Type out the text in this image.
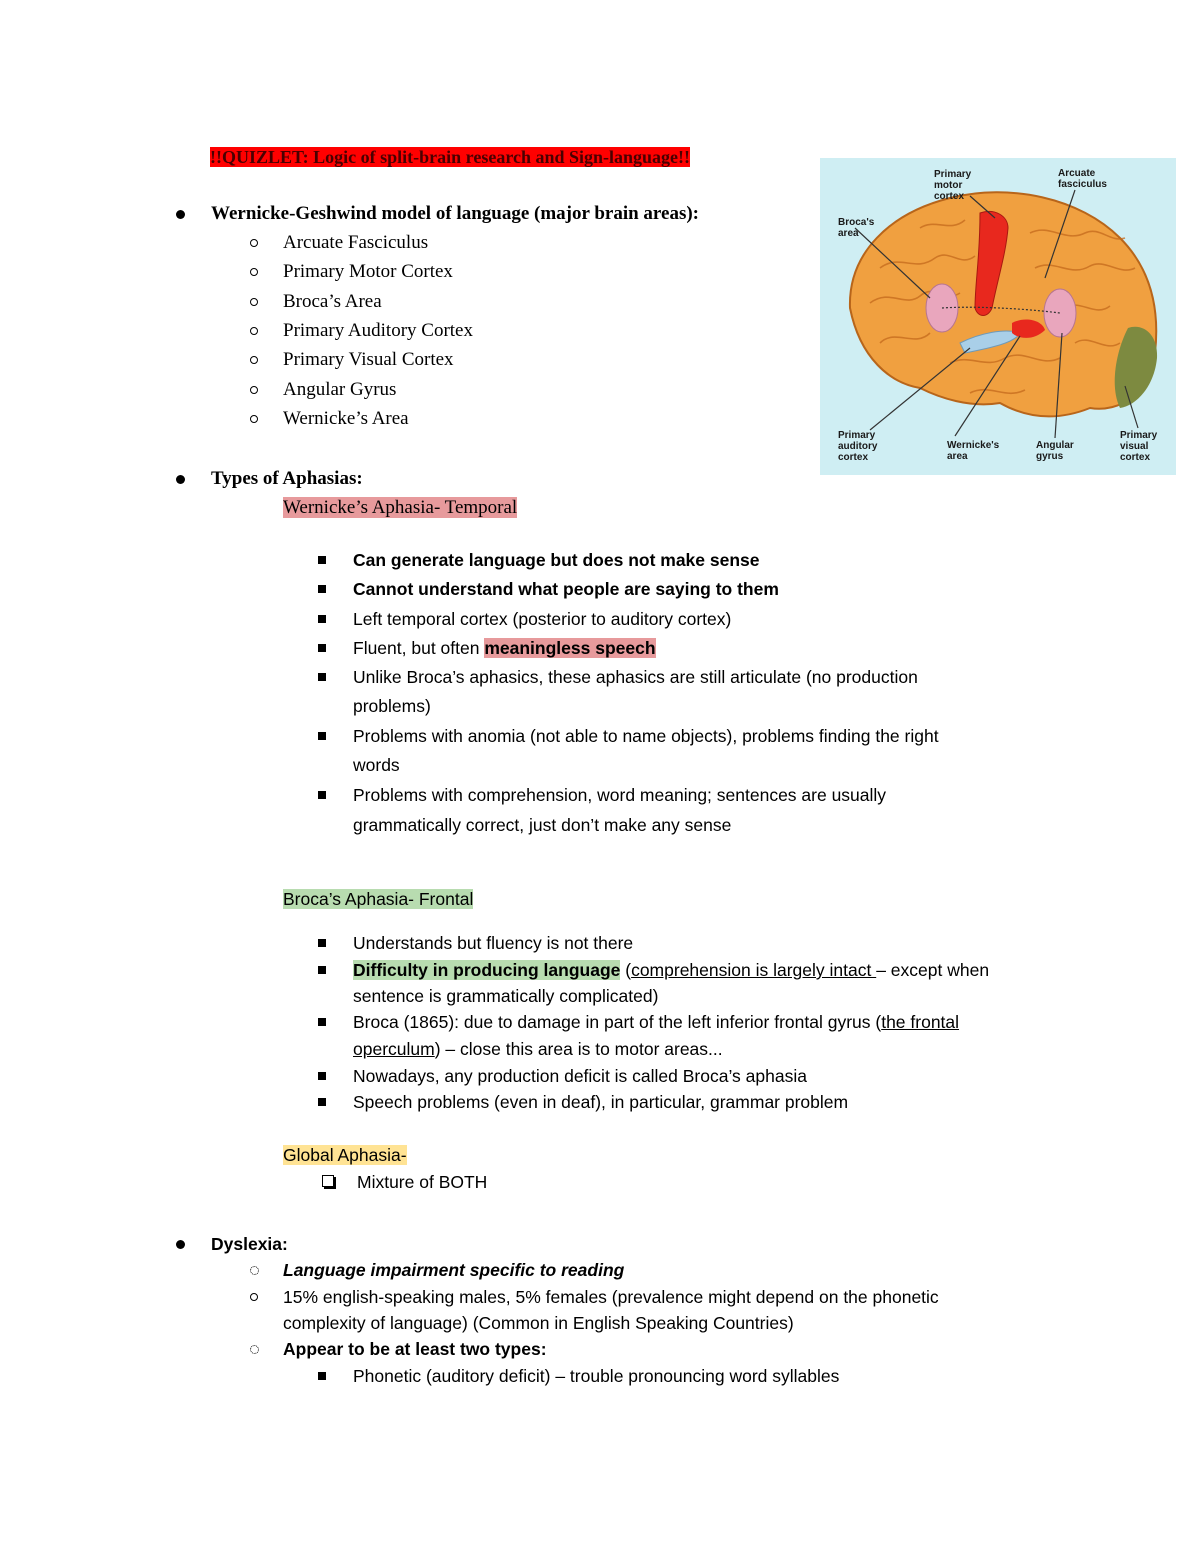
!!QUIZLET: Logic of split-brain research and Sign-language!!
Wernicke-Geshwind model of language (major brain areas):
Arcuate Fasciculus
Primary Motor Cortex
Broca’s Area
Primary Auditory Cortex
Primary Visual Cortex
Angular Gyrus
Wernicke’s Area
Primary motor cortex
Arcuate fasciculus
Broca's area
Primary auditory cortex
Wernicke's area
Angular gyrus
Primary visual cortex
Types of Aphasias:
Wernicke’s Aphasia- Temporal
Can generate language but does not make sense
Cannot understand what people are saying to them
Left temporal cortex (posterior to auditory cortex)
Fluent, but often meaningless speech
Unlike Broca’s aphasics, these aphasics are still articulate (no production
problems)
Problems with anomia (not able to name objects), problems finding the right
words
Problems with comprehension, word meaning; sentences are usually
grammatically correct, just don’t make any sense
Broca’s Aphasia- Frontal
Understands but fluency is not there
Difficulty in producing language (comprehension is largely intact – except when
sentence is grammatically complicated)
Broca (1865): due to damage in part of the left inferior frontal gyrus (the frontal
operculum) – close this area is to motor areas...
Nowadays, any production deficit is called Broca’s aphasia
Speech problems (even in deaf), in particular, grammar problem
Global Aphasia-
Mixture of BOTH
Dyslexia:
Language impairment specific to reading
15% english-speaking males, 5% females (prevalence might depend on the phonetic
complexity of language) (Common in English Speaking Countries)
Appear to be at least two types:
Phonetic (auditory deficit) – trouble pronouncing word syllables
